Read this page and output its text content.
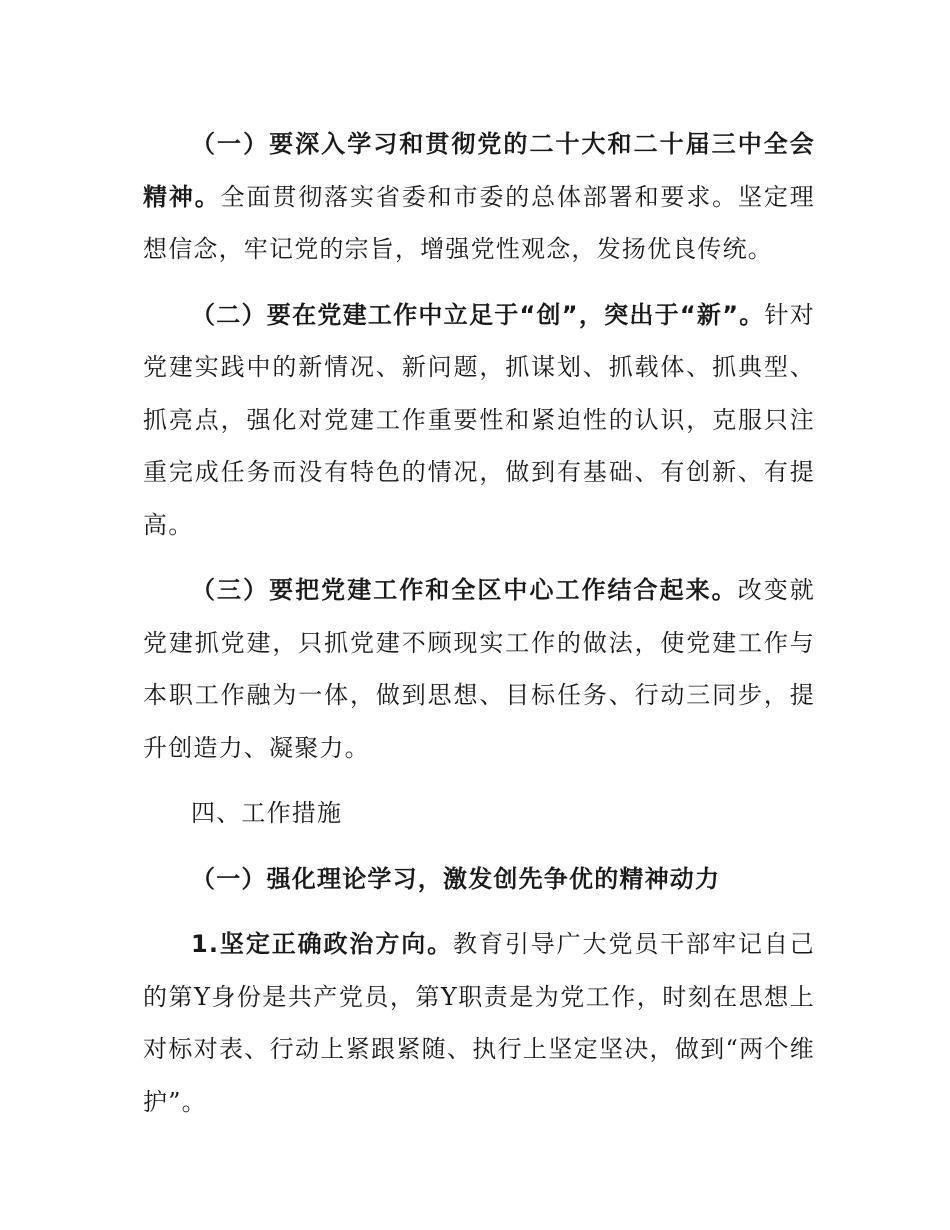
（一）要深入学习和贯彻党的二十大和二十届三中全会精神。全面贯彻落实省委和市委的总体部署和要求。坚定理想信念，牢记党的宗旨，增强党性观念，发扬优良传统。

（二）要在党建工作中立足于“创”，突出于“新”。针对党建实践中的新情况、新问题，抓谋划、抓载体、抓典型、抓亮点，强化对党建工作重要性和紧迫性的认识，克服只注重完成任务而没有特色的情况，做到有基础、有创新、有提高。

（三）要把党建工作和全区中心工作结合起来。改变就党建抓党建，只抓党建不顾现实工作的做法，使党建工作与本职工作融为一体，做到思想、目标任务、行动三同步，提升创造力、凝聚力。

四、工作措施

（一）强化理论学习，激发创先争优的精神动力

1.坚定正确政治方向。教育引导广大党员干部牢记自己的第Y身份是共产党员，第Y职责是为党工作，时刻在思想上对标对表、行动上紧跟紧随、执行上坚定坚决，做到“两个维护”。
